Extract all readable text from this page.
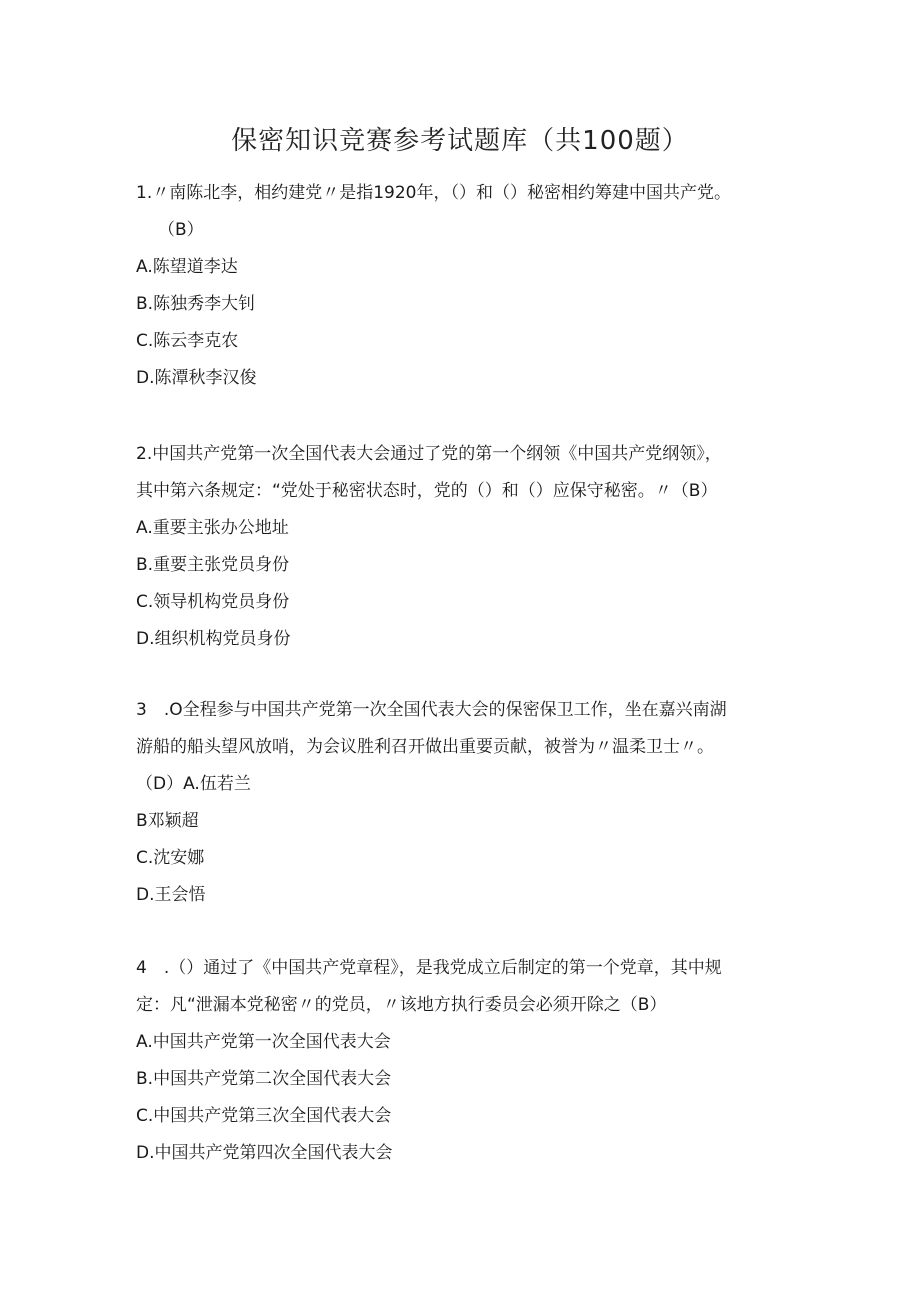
保密知识竞赛参考试题库（共100题）
1.〃南陈北李，相约建党〃是指1920年，（）和（）秘密相约筹建中国共产党。
（B）
A.陈望道李达
B.陈独秀李大钊
C.陈云李克农
D.陈潭秋李汉俊
2.中国共产党第一次全国代表大会通过了党的第一个纲领《中国共产党纲领》，
其中第六条规定：“党处于秘密状态时，党的（）和（）应保守秘密。〃（B）
A.重要主张办公地址
B.重要主张党员身份
C.领导机构党员身份
D.组织机构党员身份
3　.O全程参与中国共产党第一次全国代表大会的保密保卫工作，坐在嘉兴南湖
游船的船头望风放哨，为会议胜利召开做出重要贡献，被誉为〃温柔卫士〃。
（D）A.伍若兰
B邓颖超
C.沈安娜
D.王会悟
4　.（）通过了《中国共产党章程》，是我党成立后制定的第一个党章，其中规
定：凡“泄漏本党秘密〃的党员，〃该地方执行委员会必须开除之（B）
A.中国共产党第一次全国代表大会
B.中国共产党第二次全国代表大会
C.中国共产党第三次全国代表大会
D.中国共产党第四次全国代表大会
